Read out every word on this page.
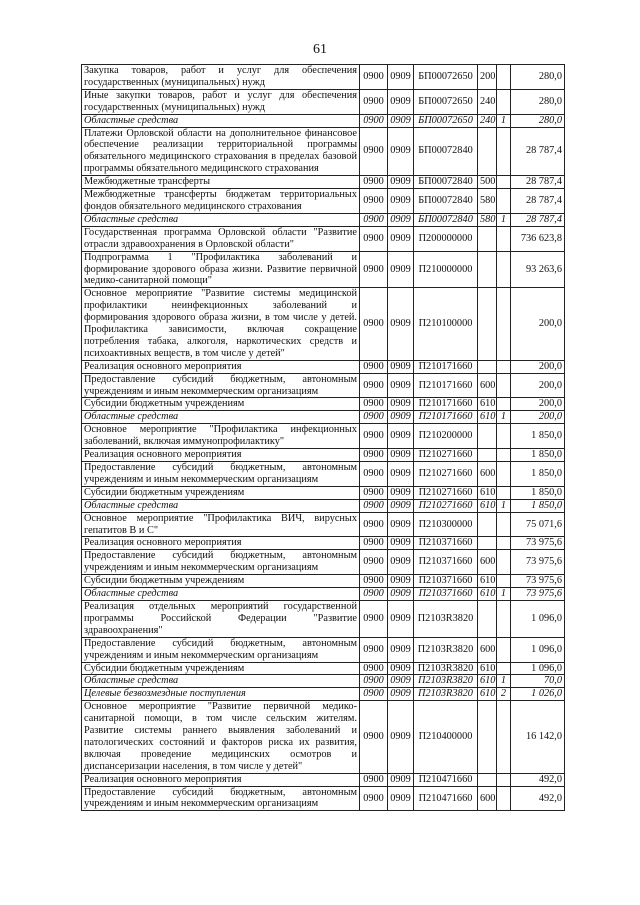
61
Закупка товаров, работ и услуг для обеспечения государственных (муниципальных) нужд	0900	0909	БП00072650	200		280,0
Иные закупки товаров, работ и услуг для обеспечения государственных (муниципальных) нужд	0900	0909	БП00072650	240		280,0
Областные средства	0900	0909	БП00072650	240	1	280,0
Платежи Орловской области на дополнительное финансовое обеспечение реализации территориальной программы обязательного медицинского страхования в пределах базовой программы обязательного медицинского страхования	0900	0909	БП00072840			28 787,4
Межбюджетные трансферты	0900	0909	БП00072840	500		28 787,4
Межбюджетные трансферты бюджетам территориальных фондов обязательного медицинского страхования	0900	0909	БП00072840	580		28 787,4
Областные средства	0900	0909	БП00072840	580	1	28 787,4
Государственная программа Орловской области "Развитие отрасли здравоохранения в Орловской области"	0900	0909	П200000000			736 623,8
Подпрограмма 1 "Профилактика заболеваний и формирование здорового образа жизни. Развитие первичной медико-санитарной помощи"	0900	0909	П210000000			93 263,6
Основное мероприятие "Развитие системы медицинской профилактики неинфекционных заболеваний и формирования здорового образа жизни, в том числе у детей. Профилактика зависимости, включая сокращение потребления табака, алкоголя, наркотических средств и психоактивных веществ, в том числе у детей"	0900	0909	П210100000			200,0
Реализация основного мероприятия	0900	0909	П210171660			200,0
Предоставление субсидий бюджетным, автономным учреждениям и иным некоммерческим организациям	0900	0909	П210171660	600		200,0
Субсидии бюджетным учреждениям	0900	0909	П210171660	610		200,0
Областные средства	0900	0909	П210171660	610	1	200,0
Основное мероприятие "Профилактика инфекционных заболеваний, включая иммунопрофилактику"	0900	0909	П210200000			1 850,0
Реализация основного мероприятия	0900	0909	П210271660			1 850,0
Предоставление субсидий бюджетным, автономным учреждениям и иным некоммерческим организациям	0900	0909	П210271660	600		1 850,0
Субсидии бюджетным учреждениям	0900	0909	П210271660	610		1 850,0
Областные средства	0900	0909	П210271660	610	1	1 850,0
Основное мероприятие "Профилактика ВИЧ, вирусных гепатитов В и С"	0900	0909	П210300000			75 071,6
Реализация основного мероприятия	0900	0909	П210371660			73 975,6
Предоставление субсидий бюджетным, автономным учреждениям и иным некоммерческим организациям	0900	0909	П210371660	600		73 975,6
Субсидии бюджетным учреждениям	0900	0909	П210371660	610		73 975,6
Областные средства	0900	0909	П210371660	610	1	73 975,6
Реализация отдельных мероприятий государственной программы Российской Федерации "Развитие здравоохранения"	0900	0909	П2103R3820			1 096,0
Предоставление субсидий бюджетным, автономным учреждениям и иным некоммерческим организациям	0900	0909	П2103R3820	600		1 096,0
Субсидии бюджетным учреждениям	0900	0909	П2103R3820	610		1 096,0
Областные средства	0900	0909	П2103R3820	610	1	70,0
Целевые безвозмездные поступления	0900	0909	П2103R3820	610	2	1 026,0
Основное мероприятие "Развитие первичной медико-санитарной помощи, в том числе сельским жителям. Развитие системы раннего выявления заболеваний и патологических состояний и факторов риска их развития, включая проведение медицинских осмотров и диспансеризации населения, в том числе у детей"	0900	0909	П210400000			16 142,0
Реализация основного мероприятия	0900	0909	П210471660			492,0
Предоставление субсидий бюджетным, автономным учреждениям и иным некоммерческим организациям	0900	0909	П210471660	600		492,0
